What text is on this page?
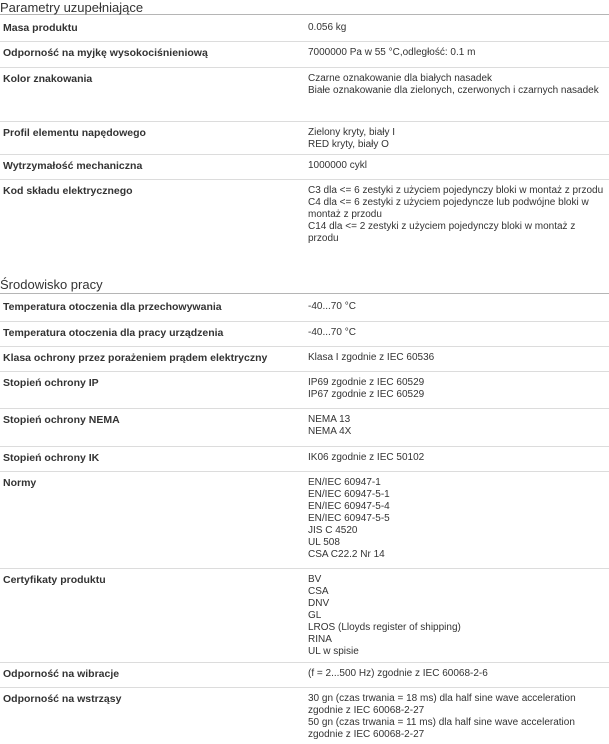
Parametry uzupełniające
Masa produktu	0.056 kg
Odporność na myjkę wysokociśnieniową	7000000 Pa w 55 °C,odległość: 0.1 m
Kolor znakowania	Czarne oznakowanie dla białych nasadek
Białe oznakowanie dla zielonych, czerwonych i czarnych nasadek
Profil elementu napędowego	Zielony kryty, biały I
RED kryty, biały O
Wytrzymałość mechaniczna	1000000 cykl
Kod składu elektrycznego	C3 dla <= 6 zestyki z użyciem pojedynczy bloki w montaż z przodu
C4 dla <= 6 zestyki z użyciem pojedyncze lub podwójne bloki w montaż z przodu
C14 dla <= 2 zestyki z użyciem pojedynczy bloki w montaż z przodu
Środowisko pracy
Temperatura otoczenia dla przechowywania	-40...70 °C
Temperatura otoczenia dla pracy urządzenia	-40...70 °C
Klasa ochrony przez porażeniem prądem elektryczny	Klasa I zgodnie z IEC 60536
Stopień ochrony IP	IP69 zgodnie z IEC 60529
IP67 zgodnie z IEC 60529
Stopień ochrony NEMA	NEMA 13
NEMA 4X
Stopień ochrony IK	IK06 zgodnie z IEC 50102
Normy	EN/IEC 60947-1
EN/IEC 60947-5-1
EN/IEC 60947-5-4
EN/IEC 60947-5-5
JIS C 4520
UL 508
CSA C22.2 Nr 14
Certyfikaty produktu	BV
CSA
DNV
GL
LROS (Lloyds register of shipping)
RINA
UL w spisie
Odporność na wibracje	(f = 2...500 Hz) zgodnie z IEC 60068-2-6
Odporność na wstrząsy	30 gn (czas trwania = 18 ms) dla half sine wave acceleration zgodnie z IEC 60068-2-27
50 gn (czas trwania = 11 ms) dla half sine wave acceleration zgodnie z IEC 60068-2-27
